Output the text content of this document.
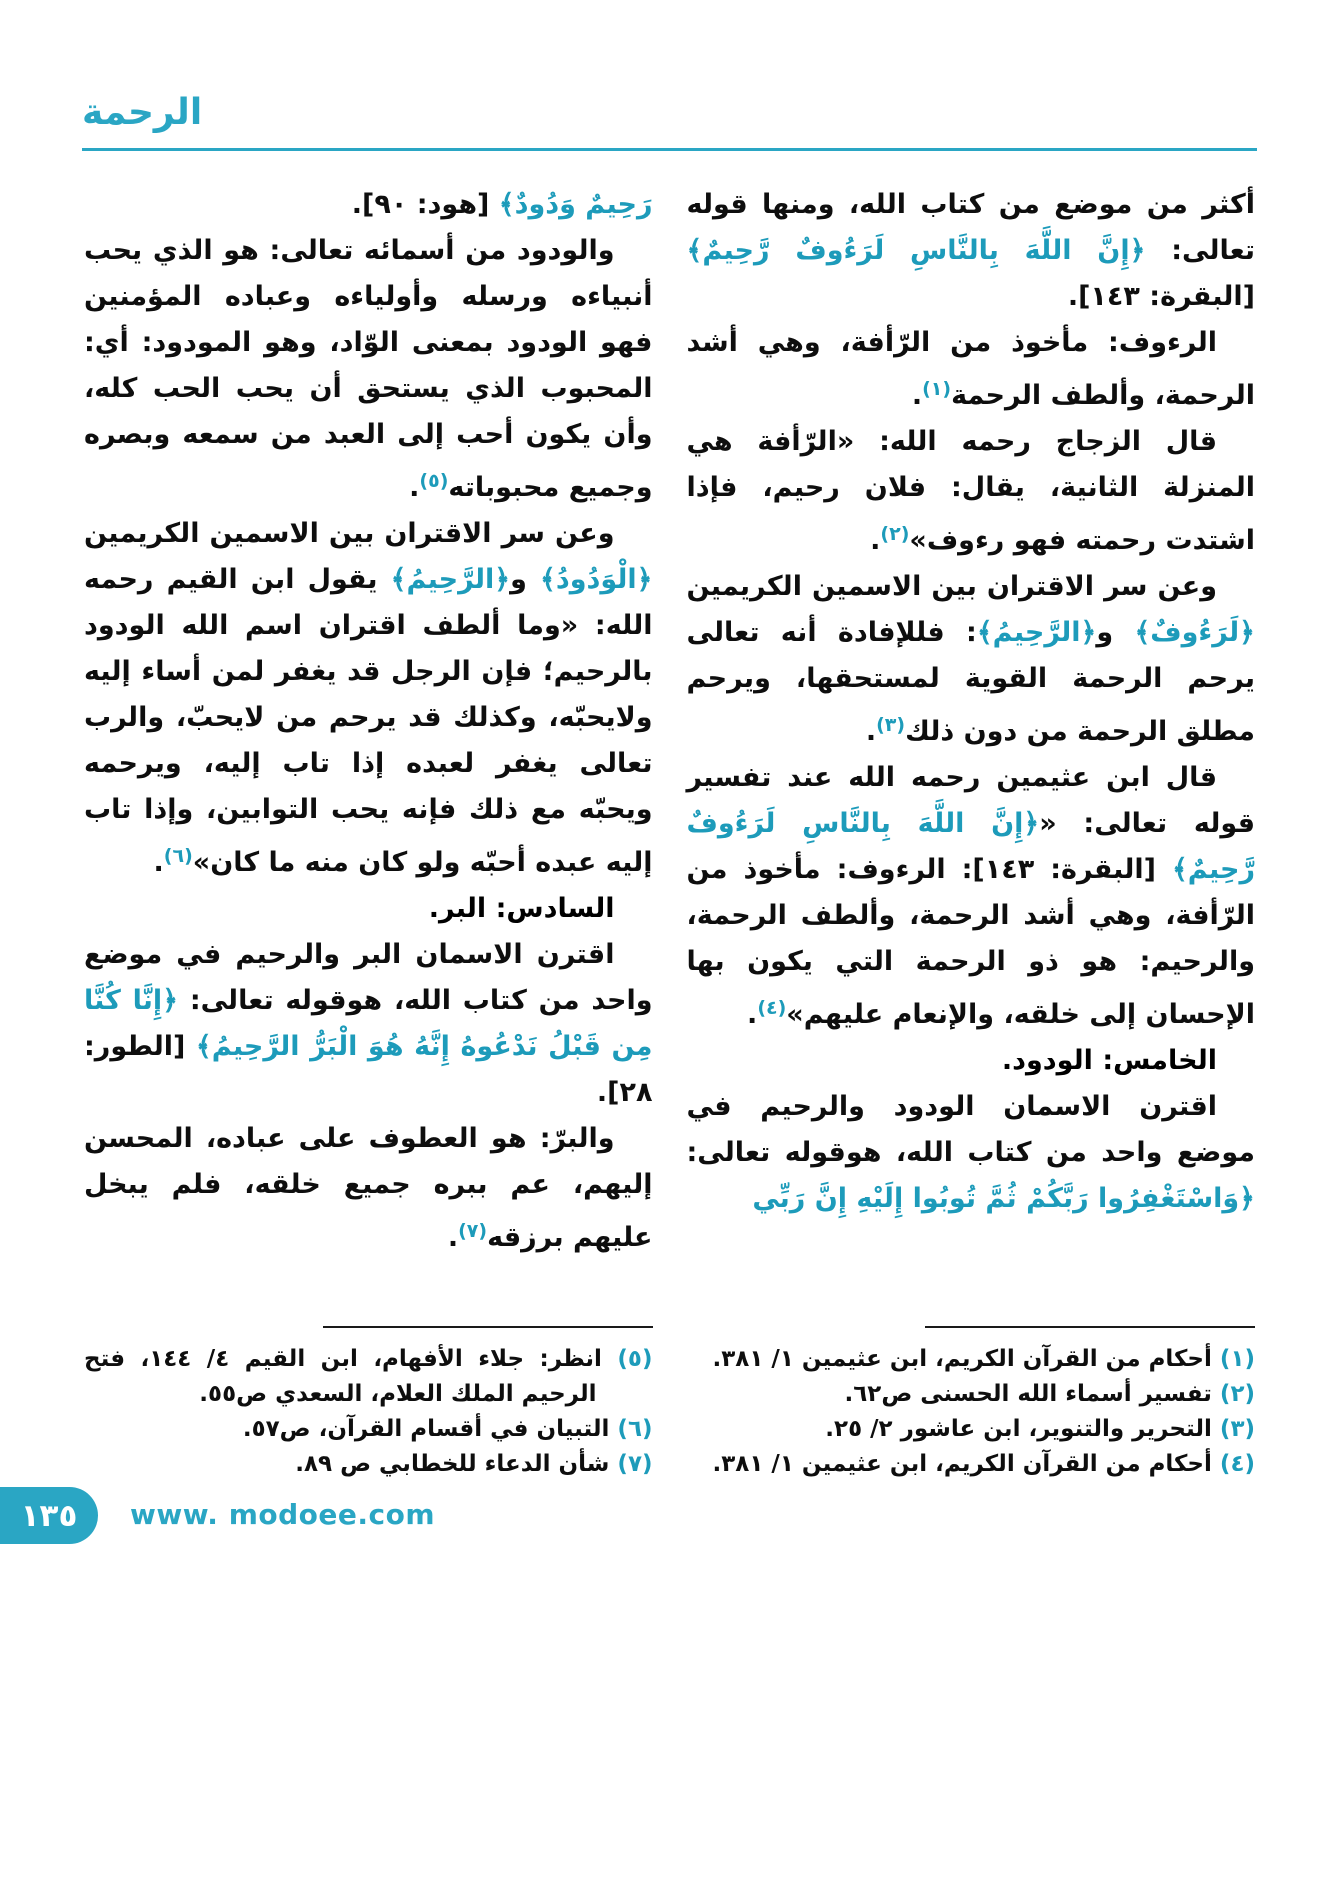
الرحمة

أكثر من موضع من كتاب الله، ومنها قوله تعالى: ﴿إِنَّ اللَّهَ بِالنَّاسِ لَرَءُوفٌ رَّحِيمٌ﴾ [البقرة: ١٤٣].

الرءوف: مأخوذ من الرّأفة، وهي أشد الرحمة، وألطف الرحمة$^{(١)}$.

قال الزجاج رحمه الله: «الرّأفة هي المنزلة الثانية، يقال: فلان رحيم، فإذا اشتدت رحمته فهو رءوف»$^{(٢)}$.

وعن سر الاقتران بين الاسمين الكريمين ﴿لَرَءُوفٌ﴾ و﴿الرَّحِيمُ﴾: فللإفادة أنه تعالى يرحم الرحمة القوية لمستحقها، ويرحم مطلق الرحمة من دون ذلك$^{(٣)}$.

قال ابن عثيمين رحمه الله عند تفسير قوله تعالى: «﴿إِنَّ اللَّهَ بِالنَّاسِ لَرَءُوفٌ رَّحِيمٌ﴾ [البقرة: ١٤٣]: الرءوف: مأخوذ من الرّأفة، وهي أشد الرحمة، وألطف الرحمة، والرحيم: هو ذو الرحمة التي يكون بها الإحسان إلى خلقه، والإنعام عليهم»$^{(٤)}$.

الخامس: الودود.

اقترن الاسمان الودود والرحيم في موضع واحد من كتاب الله، هوقوله تعالى: ﴿وَاسْتَغْفِرُوا رَبَّكُمْ ثُمَّ تُوبُوا إِلَيْهِ إِنَّ رَبِّي

(١) أحكام من القرآن الكريم، ابن عثيمين ١/ ٣٨١.
(٢) تفسير أسماء الله الحسنى ص٦٢.
(٣) التحرير والتنوير، ابن عاشور ٢/ ٢٥.
(٤) أحكام من القرآن الكريم، ابن عثيمين ١/ ٣٨١.

رَحِيمٌ وَدُودٌ﴾ [هود: ٩٠].

والودود من أسمائه تعالى: هو الذي يحب أنبياءه ورسله وأولياءه وعباده المؤمنين فهو الودود بمعنى الوّاد، وهو المودود: أي: المحبوب الذي يستحق أن يحب الحب كله، وأن يكون أحب إلى العبد من سمعه وبصره وجميع محبوباته$^{(٥)}$.

وعن سر الاقتران بين الاسمين الكريمين ﴿الْوَدُودُ﴾ و﴿الرَّحِيمُ﴾ يقول ابن القيم رحمه الله: «وما ألطف اقتران اسم الله الودود بالرحيم؛ فإن الرجل قد يغفر لمن أساء إليه ولايحبّه، وكذلك قد يرحم من لايحبّ، والرب تعالى يغفر لعبده إذا تاب إليه، ويرحمه ويحبّه مع ذلك فإنه يحب التوابين، وإذا تاب إليه عبده أحبّه ولو كان منه ما كان»$^{(٦)}$.

السادس: البر.

اقترن الاسمان البر والرحيم في موضع واحد من كتاب الله، هوقوله تعالى: ﴿إِنَّا كُنَّا مِن قَبْلُ نَدْعُوهُ إِنَّهُ هُوَ الْبَرُّ الرَّحِيمُ﴾ [الطور: ٢٨].

والبرّ: هو العطوف على عباده، المحسن إليهم، عم ببره جميع خلقه، فلم يبخل عليهم برزقه$^{(٧)}$.

(٥) انظر: جلاء الأفهام، ابن القيم ٤/ ١٤٤، فتح الرحيم الملك العلام، السعدي ص٥٥.
(٦) التبيان في أقسام القرآن، ص٥٧.
(٧) شأن الدعاء للخطابي ص ٨٩.
١٣٥ www. modoee.com
